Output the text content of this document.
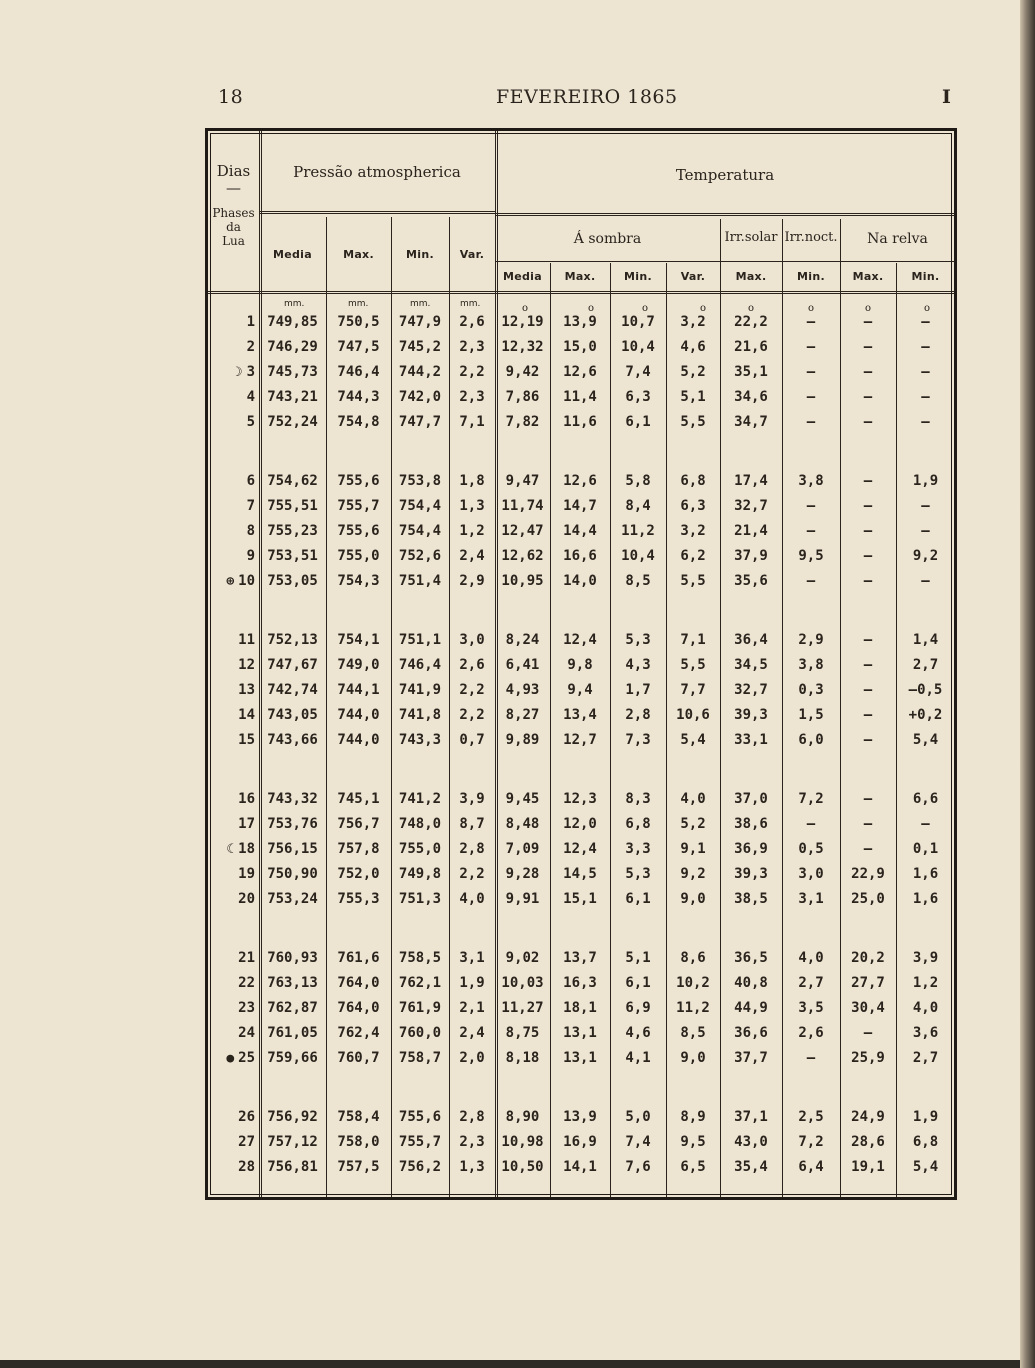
18	FEVEREIRO 1865	I
Dias
—
Phases
da
Lua
Pressão atmospherica	Temperatura
Media	Max.	Min.	Var.
Á sombra	Irr.solar Irr.noct.	Na relva
Media	Max.	Min.	Var.	Max.	Min.	Max.	Min.
mm.	mm.	mm.	mm.	o	o	o	o	o	o	o	o
1 749,85	750,5	747,9	2,6	12,19	13,9	10,7	3,2	22,2	—	—	—
2 746,29	747,5	745,2	2,3	12,32	15,0	10,4	4,6	21,6	—	—	—
☽ 3 745,73	746,4	744,2	2,2	9,42	12,6	7,4	5,2	35,1	—	—	—
4 743,21	744,3	742,0	2,3	7,86	11,4	6,3	5,1	34,6	—	—	—
5 752,24	754,8	747,7	7,1	7,82	11,6	6,1	5,5	34,7	—	—	—
6 754,62	755,6	753,8	1,8	9,47	12,6	5,8	6,8	17,4	3,8	—	1,9
7 755,51	755,7	754,4	1,3	11,74	14,7	8,4	6,3	32,7	—	—	—
8 755,23	755,6	754,4	1,2	12,47	14,4	11,2	3,2	21,4	—	—	—
9 753,51	755,0	752,6	2,4	12,62	16,6	10,4	6,2	37,9	9,5	—	9,2
⊕ 10 753,05	754,3	751,4	2,9	10,95	14,0	8,5	5,5	35,6	—	—	—
11 752,13	754,1	751,1	3,0	8,24	12,4	5,3	7,1	36,4	2,9	—	1,4
12 747,67	749,0	746,4	2,6	6,41	9,8	4,3	5,5	34,5	3,8	—	2,7
13 742,74	744,1	741,9	2,2	4,93	9,4	1,7	7,7	32,7	0,3	—	—0,5
14 743,05	744,0	741,8	2,2	8,27	13,4	2,8	10,6	39,3	1,5	—	+0,2
15 743,66	744,0	743,3	0,7	9,89	12,7	7,3	5,4	33,1	6,0	—	5,4
16 743,32	745,1	741,2	3,9	9,45	12,3	8,3	4,0	37,0	7,2	—	6,6
17 753,76	756,7	748,0	8,7	8,48	12,0	6,8	5,2	38,6	—	—	—
☾ 18 756,15	757,8	755,0	2,8	7,09	12,4	3,3	9,1	36,9	0,5	—	0,1
19 750,90	752,0	749,8	2,2	9,28	14,5	5,3	9,2	39,3	3,0	22,9	1,6
20 753,24	755,3	751,3	4,0	9,91	15,1	6,1	9,0	38,5	3,1	25,0	1,6
21 760,93	761,6	758,5	3,1	9,02	13,7	5,1	8,6	36,5	4,0	20,2	3,9
22 763,13	764,0	762,1	1,9	10,03	16,3	6,1	10,2	40,8	2,7	27,7	1,2
23 762,87	764,0	761,9	2,1	11,27	18,1	6,9	11,2	44,9	3,5	30,4	4,0
24 761,05	762,4	760,0	2,4	8,75	13,1	4,6	8,5	36,6	2,6	—	3,6
● 25 759,66	760,7	758,7	2,0	8,18	13,1	4,1	9,0	37,7	—	25,9	2,7
26 756,92	758,4	755,6	2,8	8,90	13,9	5,0	8,9	37,1	2,5	24,9	1,9
27 757,12	758,0	755,7	2,3	10,98	16,9	7,4	9,5	43,0	7,2	28,6	6,8
28 756,81	757,5	756,2	1,3	10,50	14,1	7,6	6,5	35,4	6,4	19,1	5,4
